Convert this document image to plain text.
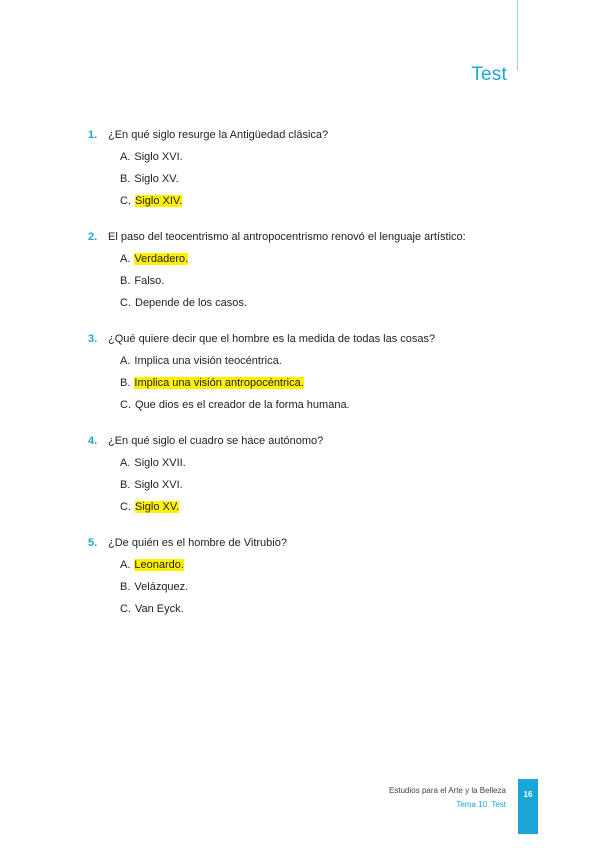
Test
1. ¿En qué siglo resurge la Antigüedad clásica?
A. Siglo XVI.
B. Siglo XV.
C. Siglo XIV.
2. El paso del teocentrismo al antropocentrismo renovó el lenguaje artístico:
A. Verdadero.
B. Falso.
C. Depende de los casos.
3. ¿Qué quiere decir que el hombre es la medida de todas las cosas?
A. Implica una visión teocéntrica.
B. Implica una visión antropocéntrica.
C. Que dios es el creador de la forma humana.
4. ¿En qué siglo el cuadro se hace autónomo?
A. Siglo XVII.
B. Siglo XVI.
C. Siglo XV.
5. ¿De quién es el hombre de Vitrubio?
A. Leonardo.
B. Velázquez.
C. Van Eyck.
Estudios para el Arte y la Belleza
Tema 10. Test
16
